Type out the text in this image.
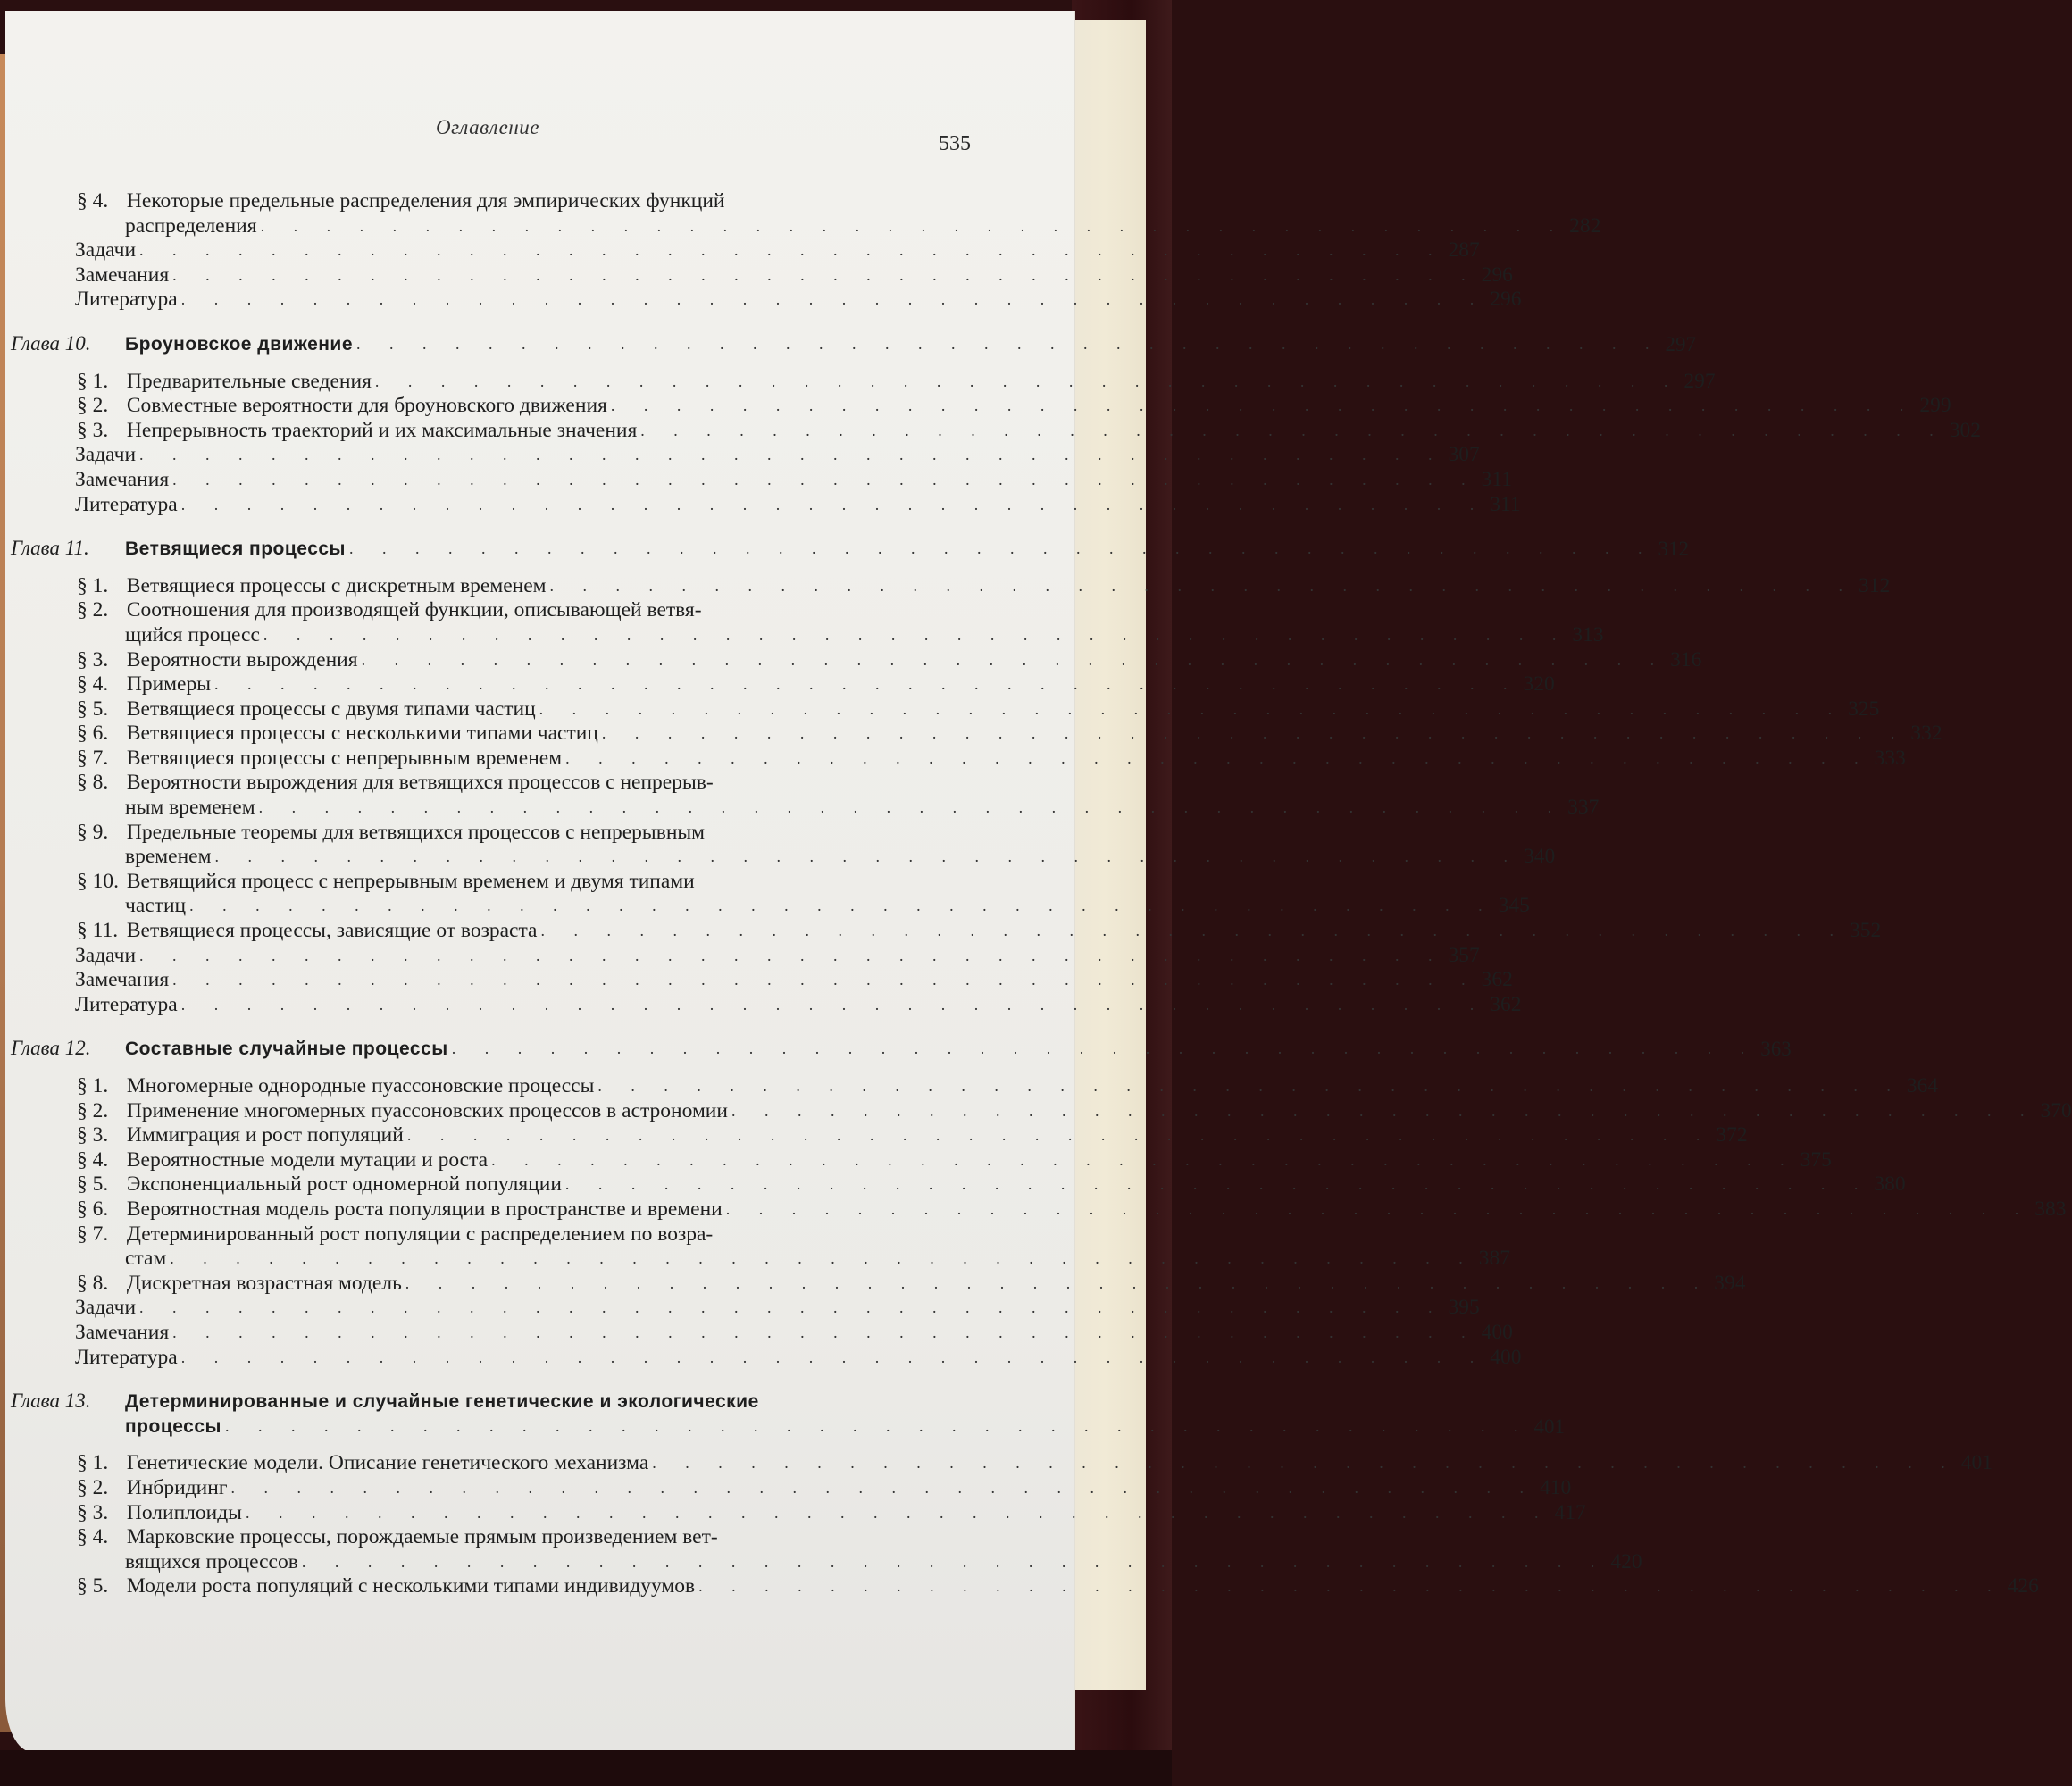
Оглавление
535
§ 4. Некоторые предельные распределения для эмпирических функций
распределения . . . . . . . . . . . . . . . . . . . . . . . . . . . . . . . . . . . . . . . . 282
Задачи . . . . . . . . . . . . . . . . . . . . . . . . . . . . . . . . . . . . . . . . 287
Замечания . . . . . . . . . . . . . . . . . . . . . . . . . . . . . . . . . . . . . . . . 296
Литература . . . . . . . . . . . . . . . . . . . . . . . . . . . . . . . . . . . . . . . . 296
Глава 10. Броуновское движение . . . . . . . . . . . . . . . . . . . . . . . . . . . . . . . . . . . . . . . . 297
§ 1. Предварительные сведения . . . . . . . . . . . . . . . . . . . . . . . . . . . . . . . . . . . . . . . . 297
§ 2. Совместные вероятности для броуновского движения . . . . . . . . . . . . . . . . . . . . . . . . . . . . . . . . . . . . . . . . 299
§ 3. Непрерывность траекторий и их максимальные значения . . . . . . . . . . . . . . . . . . . . . . . . . . . . . . . . . . . . . . . . 302
Задачи . . . . . . . . . . . . . . . . . . . . . . . . . . . . . . . . . . . . . . . . 307
Замечания . . . . . . . . . . . . . . . . . . . . . . . . . . . . . . . . . . . . . . . . 311
Литература . . . . . . . . . . . . . . . . . . . . . . . . . . . . . . . . . . . . . . . . 311
Глава 11. Ветвящиеся процессы . . . . . . . . . . . . . . . . . . . . . . . . . . . . . . . . . . . . . . . . 312
§ 1. Ветвящиеся процессы с дискретным временем . . . . . . . . . . . . . . . . . . . . . . . . . . . . . . . . . . . . . . . . 312
§ 2. Соотношения для производящей функции, описывающей ветвя-
щийся процесс . . . . . . . . . . . . . . . . . . . . . . . . . . . . . . . . . . . . . . . . 313
§ 3. Вероятности вырождения . . . . . . . . . . . . . . . . . . . . . . . . . . . . . . . . . . . . . . . . 316
§ 4. Примеры . . . . . . . . . . . . . . . . . . . . . . . . . . . . . . . . . . . . . . . . 320
§ 5. Ветвящиеся процессы с двумя типами частиц . . . . . . . . . . . . . . . . . . . . . . . . . . . . . . . . . . . . . . . . 325
§ 6. Ветвящиеся процессы с несколькими типами частиц . . . . . . . . . . . . . . . . . . . . . . . . . . . . . . . . . . . . . . . . 332
§ 7. Ветвящиеся процессы с непрерывным временем . . . . . . . . . . . . . . . . . . . . . . . . . . . . . . . . . . . . . . . . 333
§ 8. Вероятности вырождения для ветвящихся процессов с непрерыв-
ным временем . . . . . . . . . . . . . . . . . . . . . . . . . . . . . . . . . . . . . . . . 337
§ 9. Предельные теоремы для ветвящихся процессов с непрерывным
временем . . . . . . . . . . . . . . . . . . . . . . . . . . . . . . . . . . . . . . . . 340
§ 10. Ветвящийся процесс с непрерывным временем и двумя типами
частиц . . . . . . . . . . . . . . . . . . . . . . . . . . . . . . . . . . . . . . . . 345
§ 11. Ветвящиеся процессы, зависящие от возраста . . . . . . . . . . . . . . . . . . . . . . . . . . . . . . . . . . . . . . . . 352
Задачи . . . . . . . . . . . . . . . . . . . . . . . . . . . . . . . . . . . . . . . . 357
Замечания . . . . . . . . . . . . . . . . . . . . . . . . . . . . . . . . . . . . . . . . 362
Литература . . . . . . . . . . . . . . . . . . . . . . . . . . . . . . . . . . . . . . . . 362
Глава 12. Составные случайные процессы . . . . . . . . . . . . . . . . . . . . . . . . . . . . . . . . . . . . . . . . 363
§ 1. Многомерные однородные пуассоновские процессы . . . . . . . . . . . . . . . . . . . . . . . . . . . . . . . . . . . . . . . . 364
§ 2. Применение многомерных пуассоновских процессов в астрономии . . . . . . . . . . . . . . . . . . . . . . . . . . . . . . . . . . . . . . . . 370
§ 3. Иммиграция и рост популяций . . . . . . . . . . . . . . . . . . . . . . . . . . . . . . . . . . . . . . . . 372
§ 4. Вероятностные модели мутации и роста . . . . . . . . . . . . . . . . . . . . . . . . . . . . . . . . . . . . . . . . 375
§ 5. Экспоненциальный рост одномерной популяции . . . . . . . . . . . . . . . . . . . . . . . . . . . . . . . . . . . . . . . . 380
§ 6. Вероятностная модель роста популяции в пространстве и времени . . . . . . . . . . . . . . . . . . . . . . . . . . . . . . . . . . . . . . . . 383
§ 7. Детерминированный рост популяции с распределением по возра-
стам . . . . . . . . . . . . . . . . . . . . . . . . . . . . . . . . . . . . . . . . 387
§ 8. Дискретная возрастная модель . . . . . . . . . . . . . . . . . . . . . . . . . . . . . . . . . . . . . . . . 394
Задачи . . . . . . . . . . . . . . . . . . . . . . . . . . . . . . . . . . . . . . . . 395
Замечания . . . . . . . . . . . . . . . . . . . . . . . . . . . . . . . . . . . . . . . . 400
Литература . . . . . . . . . . . . . . . . . . . . . . . . . . . . . . . . . . . . . . . . 400
Глава 13. Детерминированные и случайные генетические и экологические
процессы . . . . . . . . . . . . . . . . . . . . . . . . . . . . . . . . . . . . . . . . 401
§ 1. Генетические модели. Описание генетического механизма . . . . . . . . . . . . . . . . . . . . . . . . . . . . . . . . . . . . . . . . 401
§ 2. Инбридинг . . . . . . . . . . . . . . . . . . . . . . . . . . . . . . . . . . . . . . . . 410
§ 3. Полиплоиды . . . . . . . . . . . . . . . . . . . . . . . . . . . . . . . . . . . . . . . . 417
§ 4. Марковские процессы, порождаемые прямым произведением вет-
вящихся процессов . . . . . . . . . . . . . . . . . . . . . . . . . . . . . . . . . . . . . . . . 420
§ 5. Модели роста популяций с несколькими типами индивидуумов . . . . . . . . . . . . . . . . . . . . . . . . . . . . . . . . . . . . . . . . 426
